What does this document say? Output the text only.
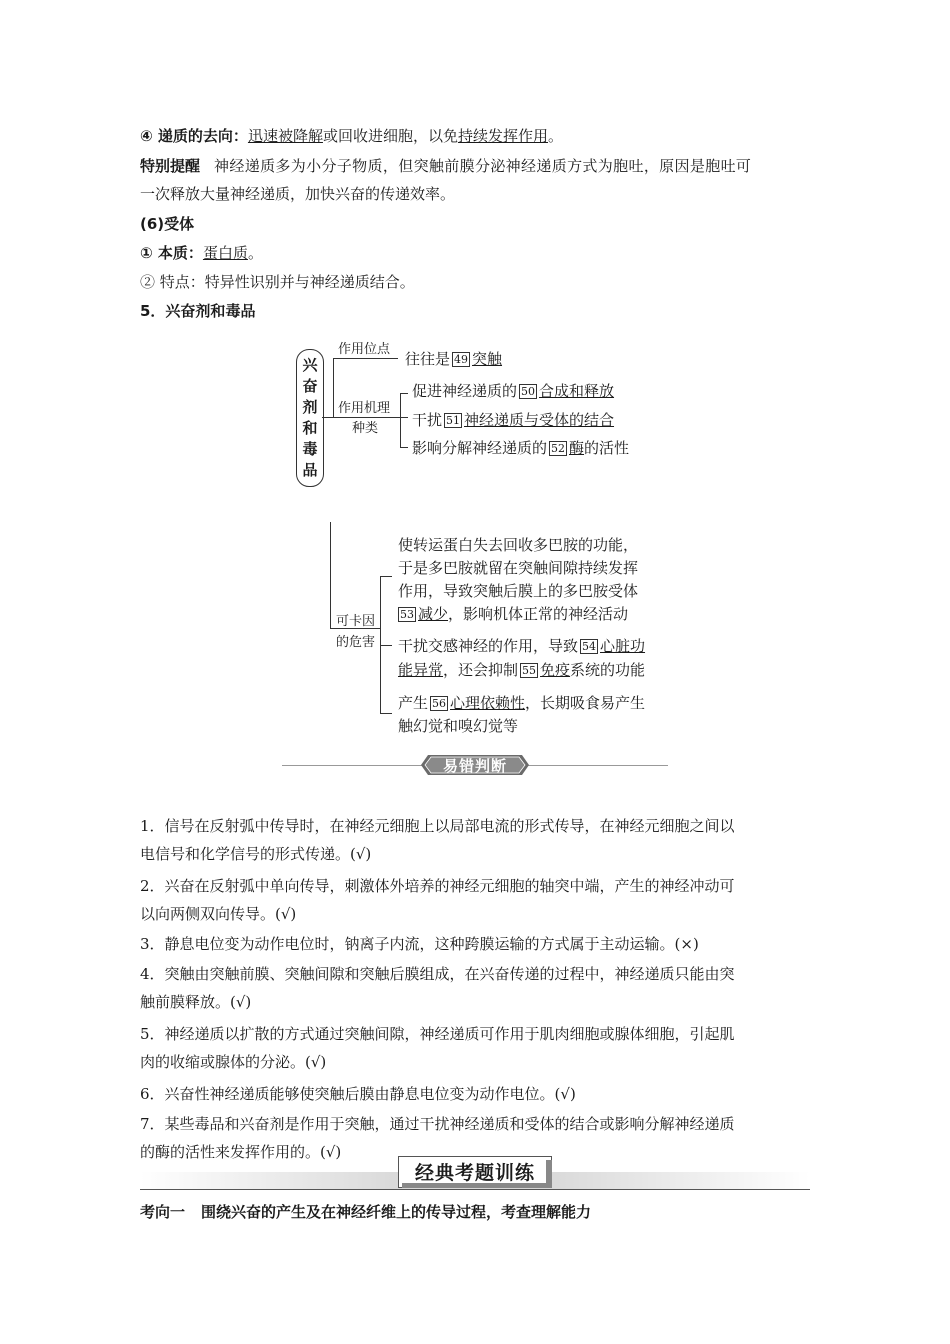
④ 递质的去向：迅速被降解或回收进细胞，以免持续发挥作用。
特别提醒 神经递质多为小分子物质，但突触前膜分泌神经递质方式为胞吐，原因是胞吐可
一次释放大量神经递质，加快兴奋的传递效率。
(6)受体
① 本质：蛋白质。
② 特点：特异性识别并与神经递质结合。
5．兴奋剂和毒品
兴
奋
剂
和
毒
品
作用位点
往往是 49 突触
作用机理
种类
促进神经递质的 50 合成和释放
干扰 51 神经递质与受体的结合
影响分解神经递质的 52 酶的活性
可卡因
的危害
使转运蛋白失去回收多巴胺的功能，
于是多巴胺就留在突触间隙持续发挥
作用，导致突触后膜上的多巴胺受体
53 减少，影响机体正常的神经活动
干扰交感神经的作用，导致 54 心脏功
能异常，还会抑制 55 免疫系统的功能
产生 56 心理依赖性，长期吸食易产生
触幻觉和嗅幻觉等
易错判断
1．信号在反射弧中传导时，在神经元细胞上以局部电流的形式传导，在神经元细胞之间以
电信号和化学信号的形式传递。(√)
2．兴奋在反射弧中单向传导，刺激体外培养的神经元细胞的轴突中端，产生的神经冲动可
以向两侧双向传导。(√)
3．静息电位变为动作电位时，钠离子内流，这种跨膜运输的方式属于主动运输。(×)
4．突触由突触前膜、突触间隙和突触后膜组成，在兴奋传递的过程中，神经递质只能由突
触前膜释放。(√)
5．神经递质以扩散的方式通过突触间隙，神经递质可作用于肌肉细胞或腺体细胞，引起肌
肉的收缩或腺体的分泌。(√)
6．兴奋性神经递质能够使突触后膜由静息电位变为动作电位。(√)
7．某些毒品和兴奋剂是作用于突触，通过干扰神经递质和受体的结合或影响分解神经递质
的酶的活性来发挥作用的。(√)
经典考题训练
考向一 围绕兴奋的产生及在神经纤维上的传导过程，考查理解能力
